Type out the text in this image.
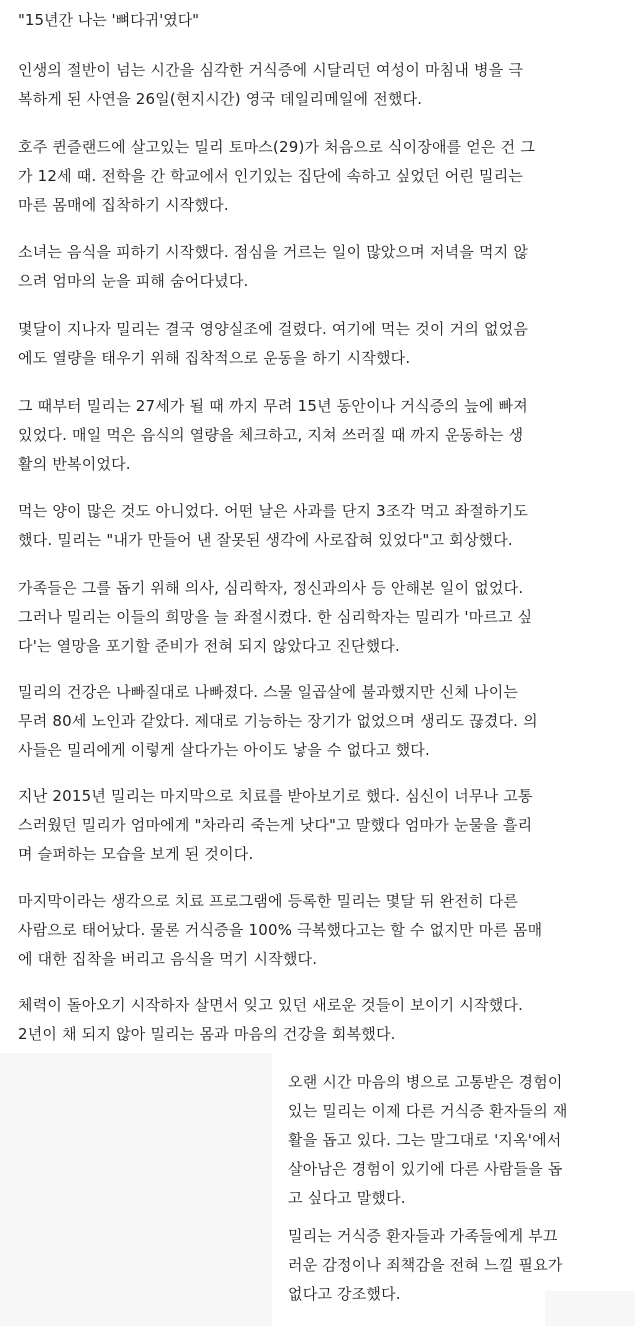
"15년간 나는 '뼈다귀'였다"
인생의 절반이 넘는 시간을 심각한 거식증에 시달리던 여성이 마침내 병을 극
복하게 된 사연을 26일(현지시간) 영국 데일리메일에 전했다.
호주 퀸즐랜드에 살고있는 밀리 토마스(29)가 처음으로 식이장애를 얻은 건 그
가 12세 때. 전학을 간 학교에서 인기있는 집단에 속하고 싶었던 어린 밀리는
마른 몸매에 집착하기 시작했다.
소녀는 음식을 피하기 시작했다. 점심을 거르는 일이 많았으며 저녁을 먹지 않
으려 엄마의 눈을 피해 숨어다녔다.
몇달이 지나자 밀리는 결국 영양실조에 걸렸다. 여기에 먹는 것이 거의 없었음
에도 열량을 태우기 위해 집착적으로 운동을 하기 시작했다.
그 때부터 밀리는 27세가 될 때 까지 무려 15년 동안이나 거식증의 늪에 빠져
있었다. 매일 먹은 음식의 열량을 체크하고, 지쳐 쓰러질 때 까지 운동하는 생
활의 반복이었다.
먹는 양이 많은 것도 아니었다. 어떤 날은 사과를 단지 3조각 먹고 좌절하기도
했다. 밀리는 "내가 만들어 낸 잘못된 생각에 사로잡혀 있었다"고 회상했다.
가족들은 그를 돕기 위해 의사, 심리학자, 정신과의사 등 안해본 일이 없었다.
그러나 밀리는 이들의 희망을 늘 좌절시켰다. 한 심리학자는 밀리가 '마르고 싶
다'는 열망을 포기할 준비가 전혀 되지 않았다고 진단했다.
밀리의 건강은 나빠질대로 나빠졌다. 스물 일곱살에 불과했지만 신체 나이는
무려 80세 노인과 같았다. 제대로 기능하는 장기가 없었으며 생리도 끊겼다. 의
사들은 밀리에게 이렇게 살다가는 아이도 낳을 수 없다고 했다.
지난 2015년 밀리는 마지막으로 치료를 받아보기로 했다. 심신이 너무나 고통
스러웠던 밀리가 엄마에게 "차라리 죽는게 낫다"고 말했다 엄마가 눈물을 흘리
며 슬퍼하는 모습을 보게 된 것이다.
마지막이라는 생각으로 치료 프로그램에 등록한 밀리는 몇달 뒤 완전히 다른
사람으로 태어났다. 물론 거식증을 100% 극복했다고는 할 수 없지만 마른 몸매
에 대한 집착을 버리고 음식을 먹기 시작했다.
체력이 돌아오기 시작하자 살면서 잊고 있던 새로운 것들이 보이기 시작했다.
2년이 채 되지 않아 밀리는 몸과 마음의 건강을 회복했다.
오랜 시간 마음의 병으로 고통받은 경험이
있는 밀리는 이제 다른 거식증 환자들의 재
활을 돕고 있다. 그는 말그대로 '지옥'에서
살아남은 경험이 있기에 다른 사람들을 돕
고 싶다고 말했다.
밀리는 거식증 환자들과 가족들에게 부끄
러운 감정이나 죄책감을 전혀 느낄 필요가
없다고 강조했다.
